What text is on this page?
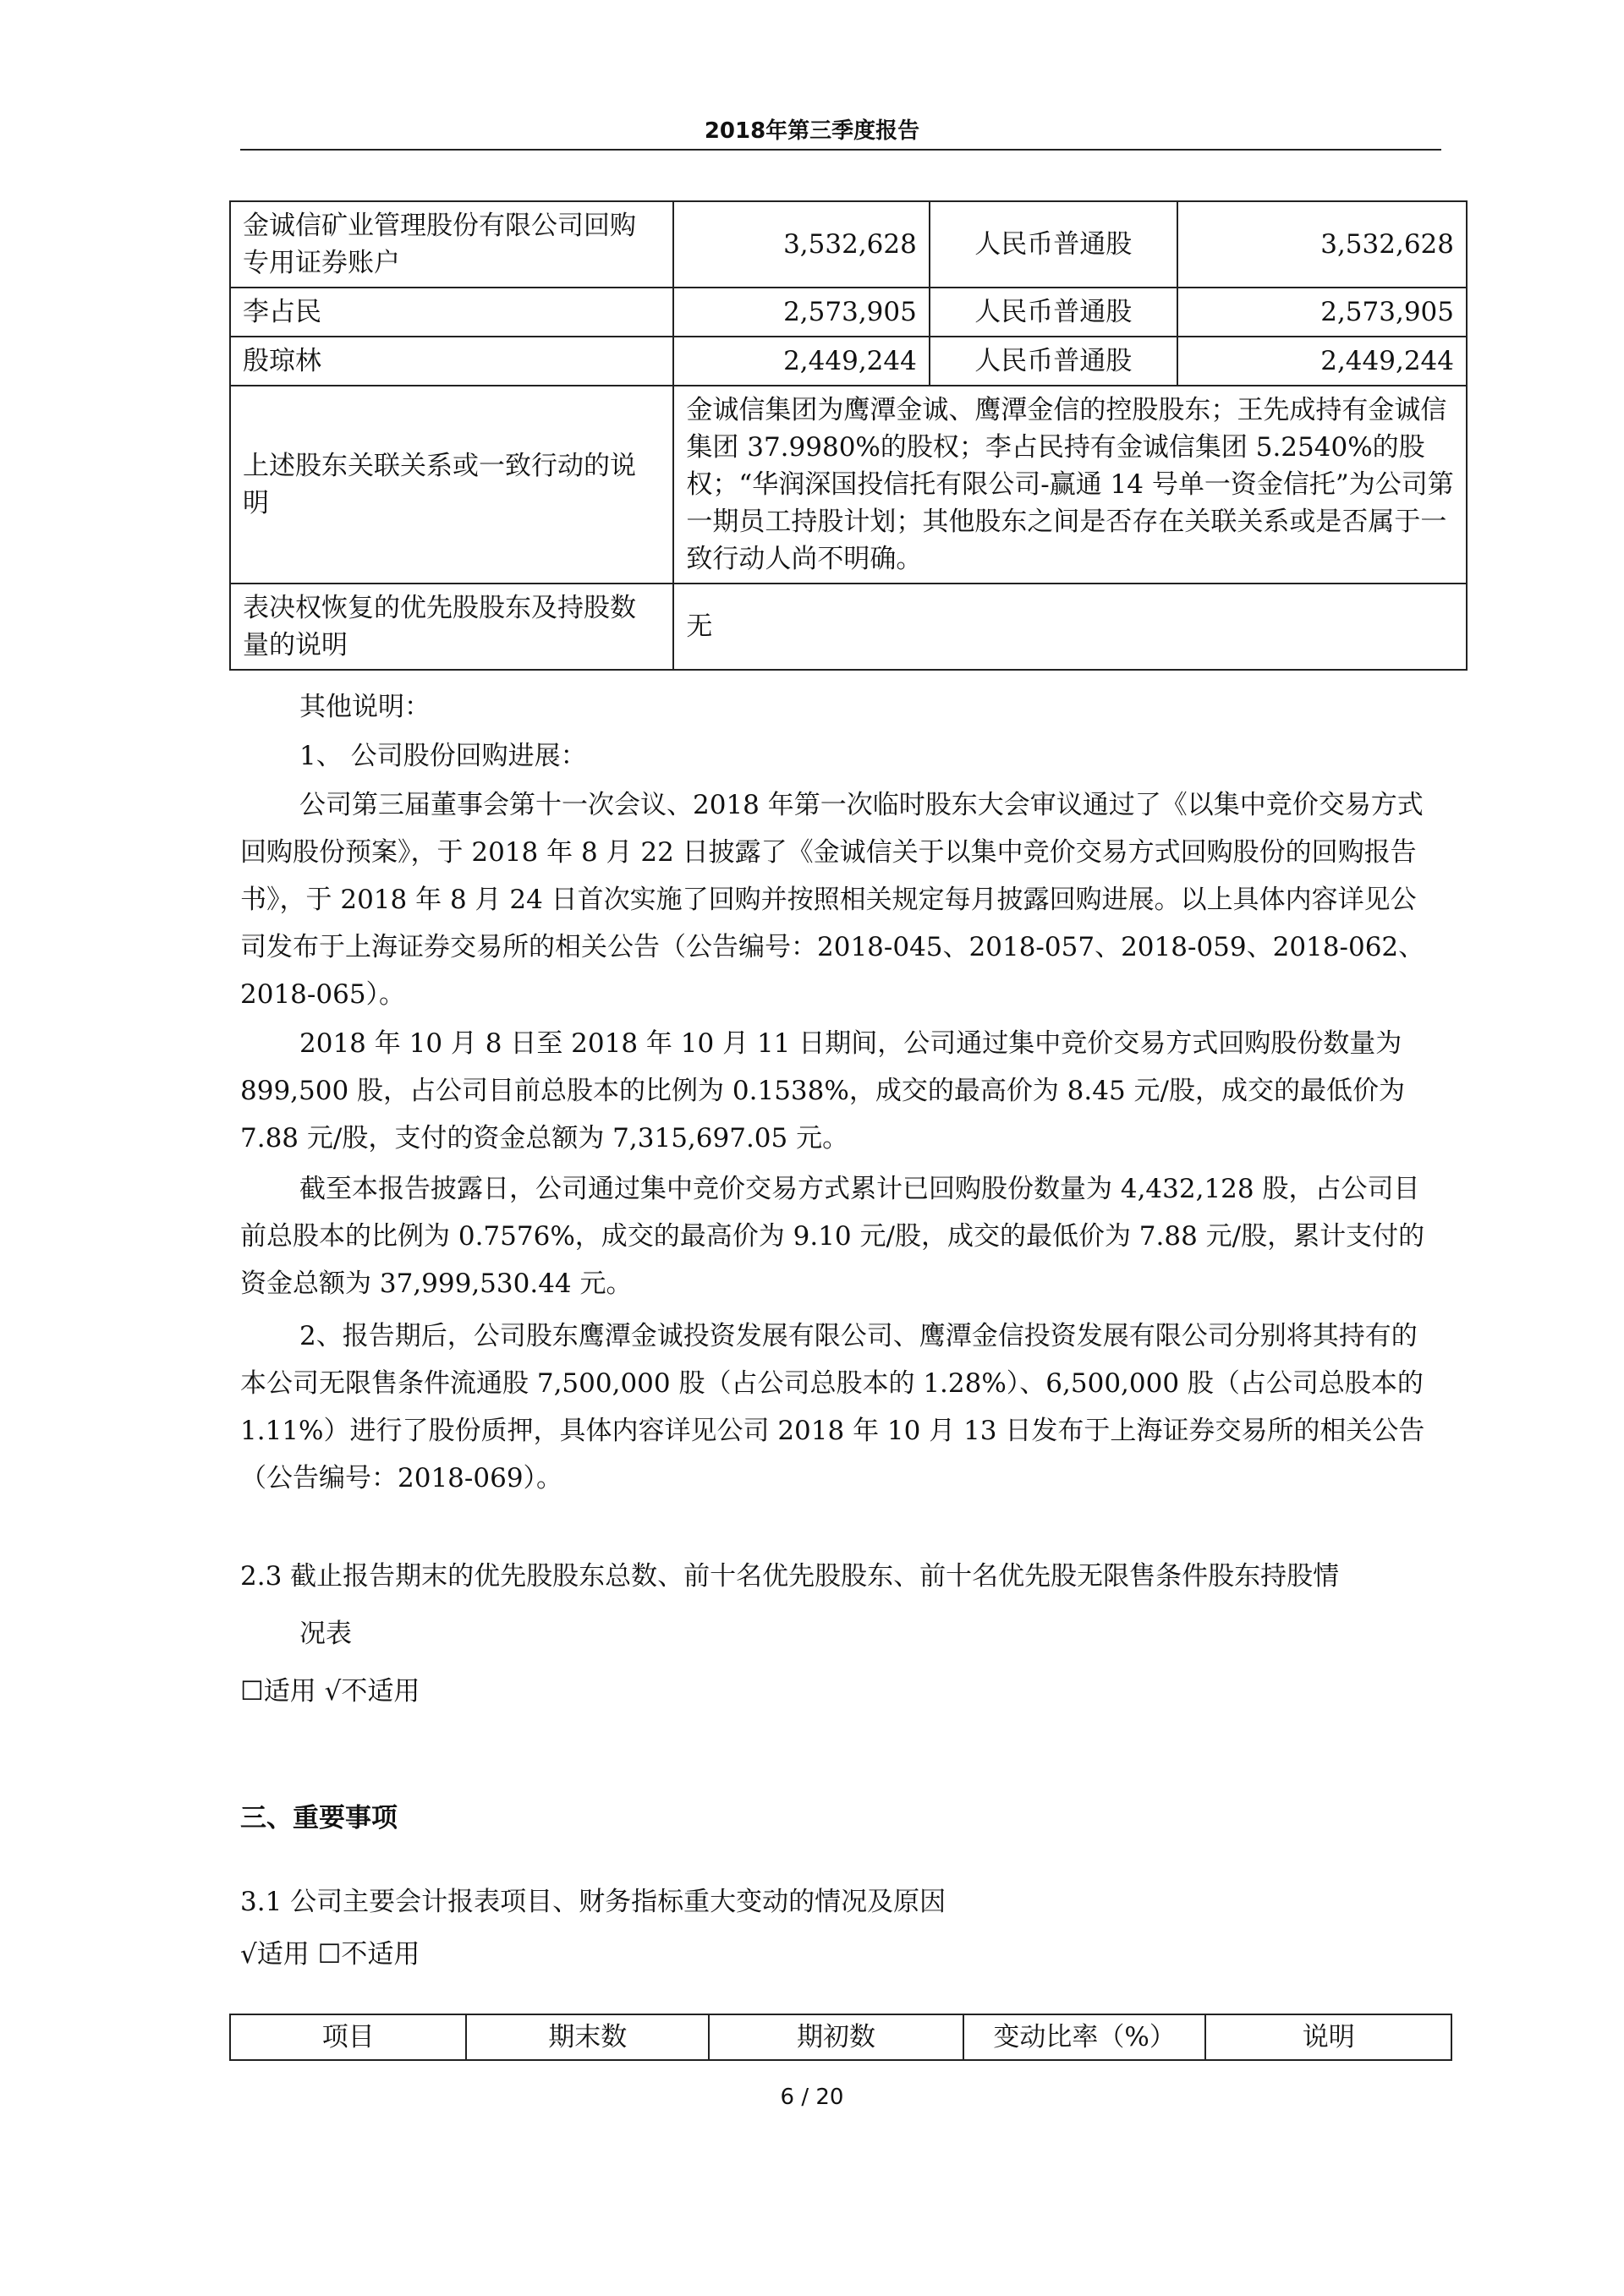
2018年第三季度报告
金诚信矿业管理股份有限公司回购专用证券账户	3,532,628	人民币普通股	3,532,628
李占民	2,573,905	人民币普通股	2,573,905
殷琼林	2,449,244	人民币普通股	2,449,244
上述股东关联关系或一致行动的说明	金诚信集团为鹰潭金诚、鹰潭金信的控股股东；王先成持有金诚信集团 37.9980%的股权；李占民持有金诚信集团 5.2540%的股权；“华润深国投信托有限公司-赢通 14 号单一资金信托”为公司第一期员工持股计划；其他股东之间是否存在关联关系或是否属于一致行动人尚不明确。		
表决权恢复的优先股股东及持股数量的说明	无		
其他说明：
1、 公司股份回购进展：
公司第三届董事会第十一次会议、2018 年第一次临时股东大会审议通过了《以集中竞价交易方式回购股份预案》，于 2018 年 8 月 22 日披露了《金诚信关于以集中竞价交易方式回购股份的回购报告书》，于 2018 年 8 月 24 日首次实施了回购并按照相关规定每月披露回购进展。以上具体内容详见公司发布于上海证券交易所的相关公告（公告编号：2018-045、2018-057、2018-059、2018-062、2018-065）。
2018 年 10 月 8 日至 2018 年 10 月 11 日期间，公司通过集中竞价交易方式回购股份数量为 899,500 股，占公司目前总股本的比例为 0.1538%，成交的最高价为 8.45 元/股，成交的最低价为 7.88 元/股，支付的资金总额为 7,315,697.05 元。
截至本报告披露日，公司通过集中竞价交易方式累计已回购股份数量为 4,432,128 股，占公司目前总股本的比例为 0.7576%，成交的最高价为 9.10 元/股，成交的最低价为 7.88 元/股，累计支付的资金总额为 37,999,530.44 元。
2、报告期后，公司股东鹰潭金诚投资发展有限公司、鹰潭金信投资发展有限公司分别将其持有的本公司无限售条件流通股 7,500,000 股（占公司总股本的 1.28%）、6,500,000 股（占公司总股本的 1.11%）进行了股份质押，具体内容详见公司 2018 年 10 月 13 日发布于上海证券交易所的相关公告（公告编号：2018-069）。
2.3 截止报告期末的优先股股东总数、前十名优先股股东、前十名优先股无限售条件股东持股情
况表
☐适用 √不适用
三、重要事项
3.1 公司主要会计报表项目、财务指标重大变动的情况及原因
√适用 ☐不适用
项目	期末数	期初数	变动比率（%）	说明
6 / 20
